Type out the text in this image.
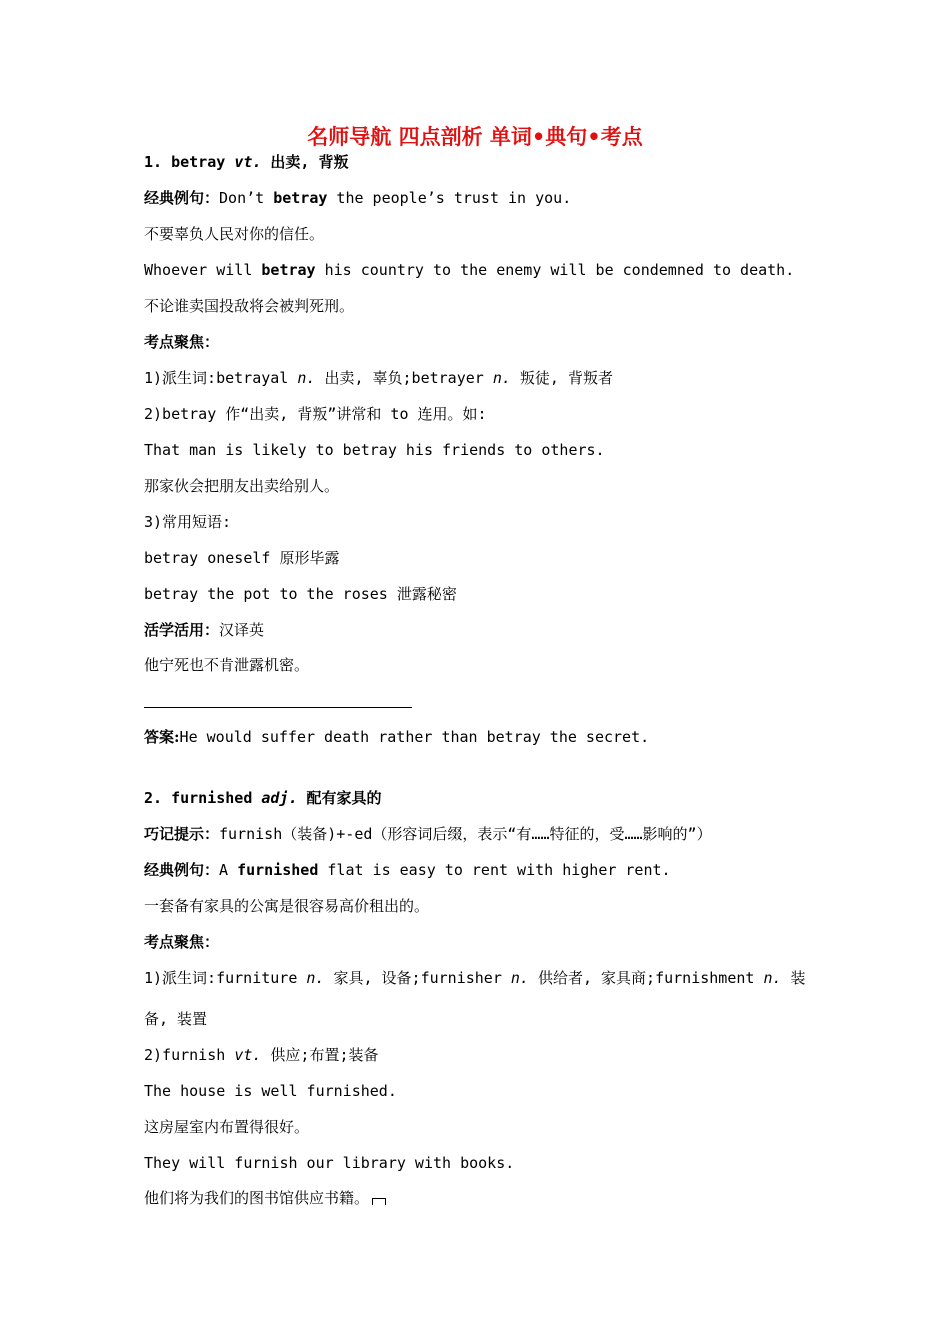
名师导航 四点剖析 单词•典句•考点
1. betray vt. 出卖, 背叛
经典例句：Don’t betray the people’s trust in you.
不要辜负人民对你的信任。
Whoever will betray his country to the enemy will be condemned to death.
不论谁卖国投敌将会被判死刑。
考点聚焦：
1)派生词:betrayal n. 出卖, 辜负;betrayer n. 叛徒, 背叛者
2)betray 作“出卖, 背叛”讲常和 to 连用。如:
That man is likely to betray his friends to others.
那家伙会把朋友出卖给别人。
3)常用短语:
betray oneself 原形毕露
betray the pot to the roses 泄露秘密
活学活用：汉译英
他宁死也不肯泄露机密。
答案:He would suffer death rather than betray the secret.
2. furnished adj. 配有家具的
巧记提示：furnish（装备)+-ed（形容词后缀，表示“有……特征的，受……影响的”）
经典例句：A furnished flat is easy to rent with higher rent.
一套备有家具的公寓是很容易高价租出的。
考点聚焦：
1)派生词:furniture n. 家具, 设备;furnisher n. 供给者, 家具商;furnishment n. 装
备, 装置
2)furnish vt. 供应;布置;装备
The house is well furnished.
这房屋室内布置得很好。
They will furnish our library with books.
他们将为我们的图书馆供应书籍。
